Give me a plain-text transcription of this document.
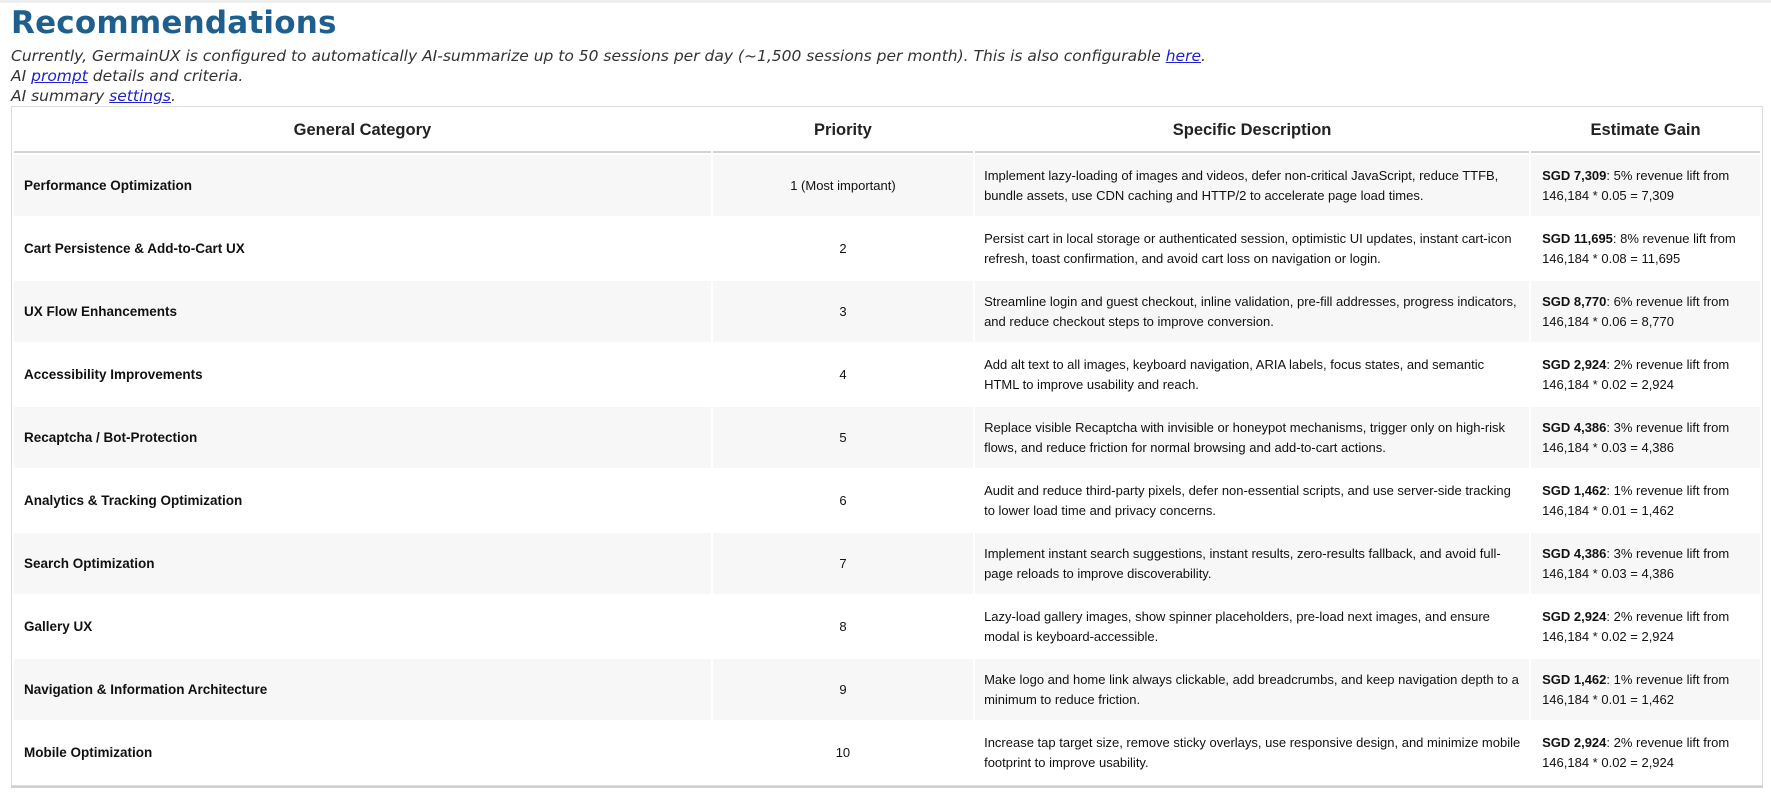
Recommendations
Currently, GermainUX is configured to automatically AI-summarize up to 50 sessions per day (~1,500 sessions per month). This is also configurable here.
AI prompt details and criteria.
AI summary settings.
General Category	Priority	Specific Description	Estimate Gain
Performance Optimization	1 (Most important)	Implement lazy-loading of images and videos, defer non-critical JavaScript, reduce TTFB, bundle assets, use CDN caching and HTTP/2 to accelerate page load times.	SGD 7,309: 5% revenue lift from 146,184 * 0.05 = 7,309
Cart Persistence & Add-to-Cart UX	2	Persist cart in local storage or authenticated session, optimistic UI updates, instant cart-icon refresh, toast confirmation, and avoid cart loss on navigation or login.	SGD 11,695: 8% revenue lift from 146,184 * 0.08 = 11,695
UX Flow Enhancements	3	Streamline login and guest checkout, inline validation, pre-fill addresses, progress indicators, and reduce checkout steps to improve conversion.	SGD 8,770: 6% revenue lift from 146,184 * 0.06 = 8,770
Accessibility Improvements	4	Add alt text to all images, keyboard navigation, ARIA labels, focus states, and semantic HTML to improve usability and reach.	SGD 2,924: 2% revenue lift from 146,184 * 0.02 = 2,924
Recaptcha / Bot-Protection	5	Replace visible Recaptcha with invisible or honeypot mechanisms, trigger only on high-risk flows, and reduce friction for normal browsing and add-to-cart actions.	SGD 4,386: 3% revenue lift from 146,184 * 0.03 = 4,386
Analytics & Tracking Optimization	6	Audit and reduce third-party pixels, defer non-essential scripts, and use server-side tracking to lower load time and privacy concerns.	SGD 1,462: 1% revenue lift from 146,184 * 0.01 = 1,462
Search Optimization	7	Implement instant search suggestions, instant results, zero-results fallback, and avoid full-page reloads to improve discoverability.	SGD 4,386: 3% revenue lift from 146,184 * 0.03 = 4,386
Gallery UX	8	Lazy-load gallery images, show spinner placeholders, pre-load next images, and ensure modal is keyboard-accessible.	SGD 2,924: 2% revenue lift from 146,184 * 0.02 = 2,924
Navigation & Information Architecture	9	Make logo and home link always clickable, add breadcrumbs, and keep navigation depth to a minimum to reduce friction.	SGD 1,462: 1% revenue lift from 146,184 * 0.01 = 1,462
Mobile Optimization	10	Increase tap target size, remove sticky overlays, use responsive design, and minimize mobile footprint to improve usability.	SGD 2,924: 2% revenue lift from 146,184 * 0.02 = 2,924
